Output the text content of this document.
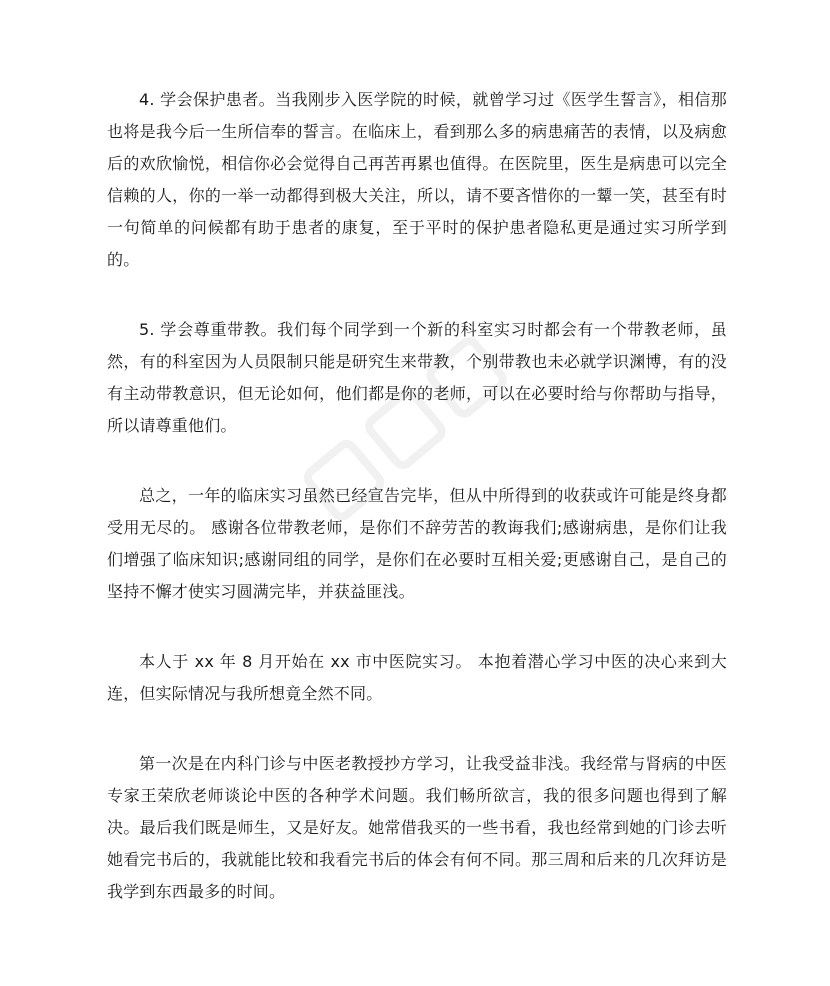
4. 学会保护患者。当我刚步入医学院的时候，就曾学习过《医学生誓言》，相信那也将是我今后一生所信奉的誓言。在临床上，看到那么多的病患痛苦的表情，以及病愈后的欢欣愉悦，相信你必会觉得自己再苦再累也值得。在医院里，医生是病患可以完全信赖的人，你的一举一动都得到极大关注，所以，请不要吝惜你的一颦一笑，甚至有时一句简单的问候都有助于患者的康复，至于平时的保护患者隐私更是通过实习所学到的。

5. 学会尊重带教。我们每个同学到一个新的科室实习时都会有一个带教老师，虽然，有的科室因为人员限制只能是研究生来带教，个别带教也未必就学识渊博，有的没有主动带教意识，但无论如何，他们都是你的老师，可以在必要时给与你帮助与指导，所以请尊重他们。

总之，一年的临床实习虽然已经宣告完毕，但从中所得到的收获或许可能是终身都受用无尽的。 感谢各位带教老师，是你们不辞劳苦的教诲我们;感谢病患，是你们让我们增强了临床知识;感谢同组的同学，是你们在必要时互相关爱;更感谢自己，是自己的坚持不懈才使实习圆满完毕，并获益匪浅。

本人于 xx 年 8 月开始在 xx 市中医院实习。 本抱着潜心学习中医的决心来到大连，但实际情况与我所想竟全然不同。

第一次是在内科门诊与中医老教授抄方学习，让我受益非浅。我经常与肾病的中医专家王荣欣老师谈论中医的各种学术问题。我们畅所欲言，我的很多问题也得到了解决。最后我们既是师生，又是好友。她常借我买的一些书看，我也经常到她的门诊去听她看完书后的，我就能比较和我看完书后的体会有何不同。那三周和后来的几次拜访是我学到东西最多的时间。
